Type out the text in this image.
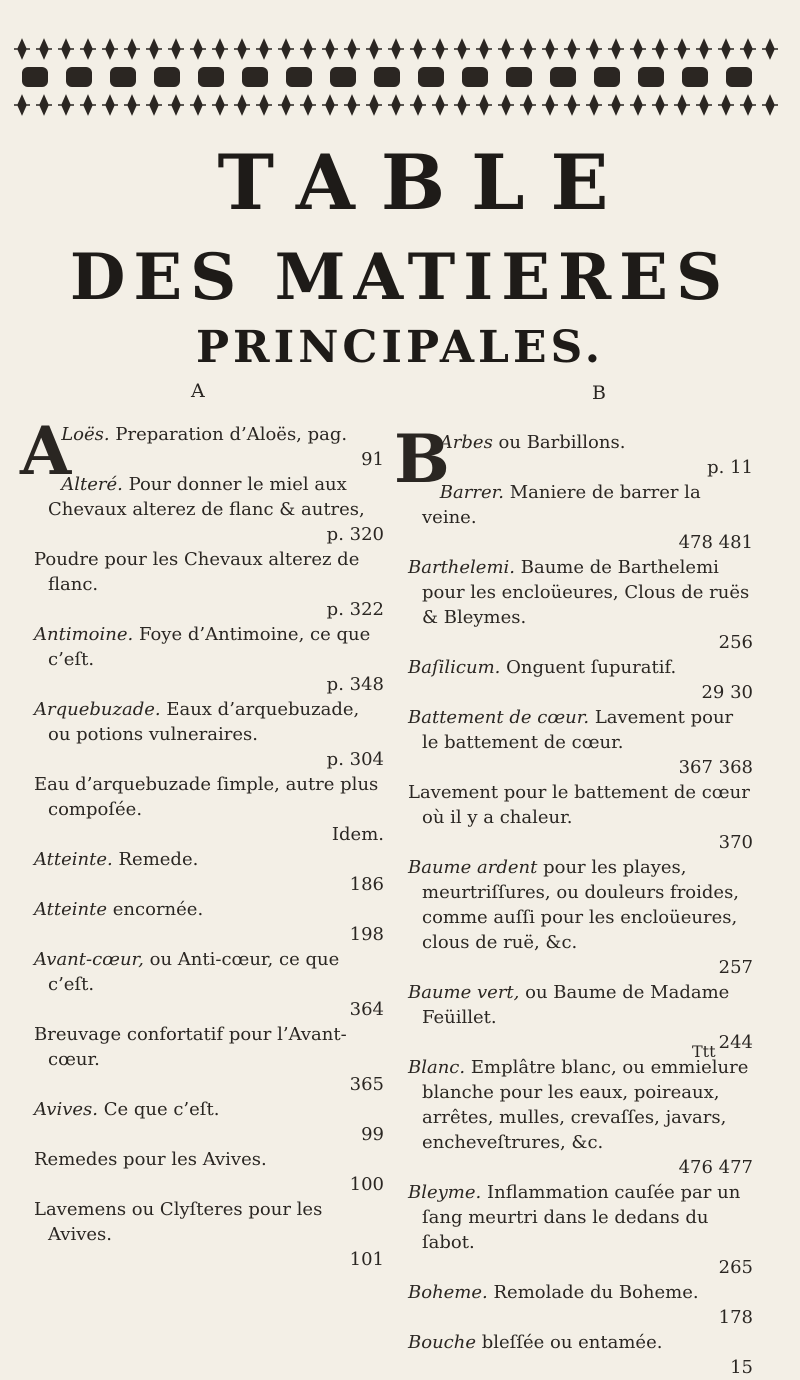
TABLE
DES MATIERES
PRINCIPALES.
A	B

A
Loës. Preparation d’Aloës, pag.
91

Alteré. Pour donner le miel aux Chevaux alterez de flanc & autres,
p. 320

Poudre pour les Chevaux alterez de flanc.
p. 322

Antimoine. Foye d’Antimoine, ce que c’eſt.
p. 348

Arquebuzade. Eaux d’arquebuzade, ou potions vulneraires.
p. 304

Eau d’arquebuzade ſimple, autre plus compoſée.
Idem.

Atteinte. Remede.
186

Atteinte encornée.
198

Avant-cœur, ou Anti-cœur, ce que c’eſt.
364

Breuvage confortatif pour l’Avant-cœur.
365

Avives. Ce que c’eſt.
99

Remedes pour les Avives.
100

Lavemens ou Clyſteres pour les Avives.
101

B
Arbes ou Barbillons.
p. 11

Barrer. Maniere de barrer la veine.
478 481

Barthelemi. Baume de Barthelemi pour les encloüeures, Clous de ruës & Bleymes.
256

Baſilicum. Onguent ſupuratif.
29 30

Battement de cœur. Lavement pour le battement de cœur.
367 368

Lavement pour le battement de cœur où il y a chaleur.
370

Baume ardent pour les playes, meurtriſſures, ou douleurs froides, comme auſſi pour les encloüeures, clous de ruë, &c.
257

Baume vert, ou Baume de Madame Feüillet.
244

Blanc. Emplâtre blanc, ou emmielure blanche pour les eaux, poireaux, arrêtes, mulles, crevaſſes, javars, encheveſtrures, &c.
476 477

Bleyme. Inflammation cauſée par un ſang meurtri dans le dedans du ſabot.
265

Boheme. Remolade du Boheme.
178

Bouche bleſſée ou entamée.
15

Ttt
